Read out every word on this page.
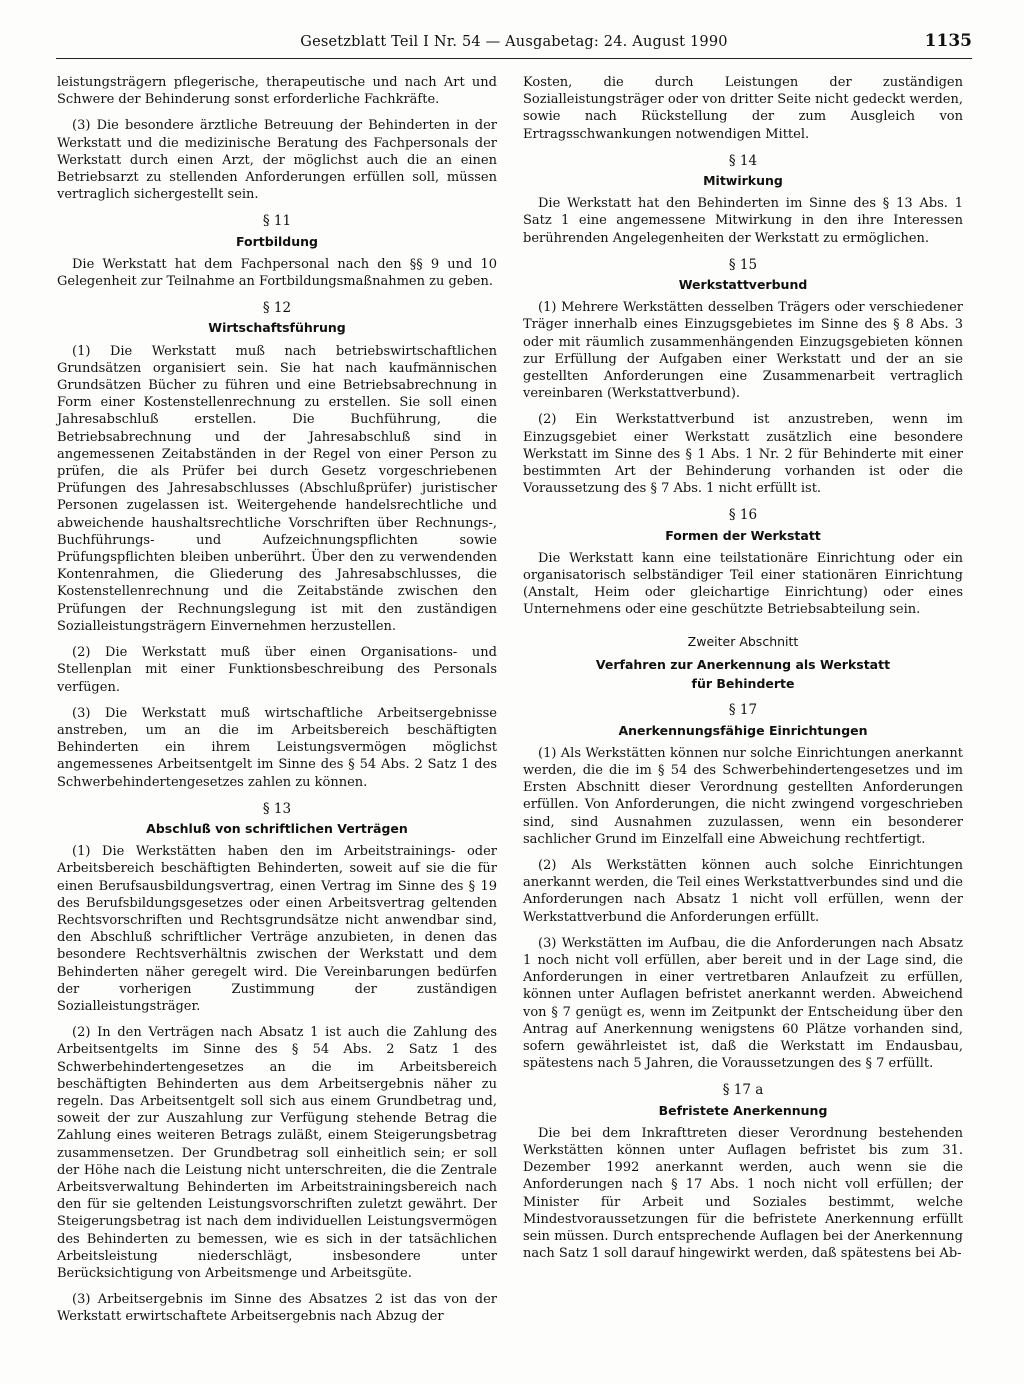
Gesetzblatt Teil I Nr. 54 — Ausgabetag: 24. August 1990	1135

leistungsträgern pflegerische, therapeutische und nach Art und Schwere der Behinderung sonst erforderliche Fachkräfte.

(3) Die besondere ärztliche Betreuung der Behinderten in der Werkstatt und die medizinische Beratung des Fachpersonals der Werkstatt durch einen Arzt, der möglichst auch die an einen Betriebsarzt zu stellenden Anforderungen erfüllen soll, müssen vertraglich sichergestellt sein.

§ 11
Fortbildung

Die Werkstatt hat dem Fachpersonal nach den §§ 9 und 10 Gelegenheit zur Teilnahme an Fortbildungsmaßnahmen zu geben.

§ 12
Wirtschaftsführung

(1) Die Werkstatt muß nach betriebswirtschaftlichen Grundsätzen organisiert sein. Sie hat nach kaufmännischen Grundsätzen Bücher zu führen und eine Betriebsabrechnung in Form einer Kostenstellenrechnung zu erstellen. Sie soll einen Jahresabschluß erstellen. Die Buchführung, die Betriebsabrechnung und der Jahresabschluß sind in angemessenen Zeitabständen in der Regel von einer Person zu prüfen, die als Prüfer bei durch Gesetz vorgeschriebenen Prüfungen des Jahresabschlusses (Abschlußprüfer) juristischer Personen zugelassen ist. Weitergehende handelsrechtliche und abweichende haushaltsrechtliche Vorschriften über Rechnungs-, Buchführungs- und Aufzeichnungspflichten sowie Prüfungspflichten bleiben unberührt. Über den zu verwendenden Kontenrahmen, die Gliederung des Jahresabschlusses, die Kostenstellenrechnung und die Zeitabstände zwischen den Prüfungen der Rechnungslegung ist mit den zuständigen Sozialleistungsträgern Einvernehmen herzustellen.

(2) Die Werkstatt muß über einen Organisations- und Stellenplan mit einer Funktionsbeschreibung des Personals verfügen.

(3) Die Werkstatt muß wirtschaftliche Arbeitsergebnisse anstreben, um an die im Arbeitsbereich beschäftigten Behinderten ein ihrem Leistungsvermögen möglichst angemessenes Arbeitsentgelt im Sinne des § 54 Abs. 2 Satz 1 des Schwerbehindertengesetzes zahlen zu können.

§ 13
Abschluß von schriftlichen Verträgen

(1) Die Werkstätten haben den im Arbeitstrainings- oder Arbeitsbereich beschäftigten Behinderten, soweit auf sie die für einen Berufsausbildungsvertrag, einen Vertrag im Sinne des § 19 des Berufsbildungsgesetzes oder einen Arbeitsvertrag geltenden Rechtsvorschriften und Rechtsgrundsätze nicht anwendbar sind, den Abschluß schriftlicher Verträge anzubieten, in denen das besondere Rechtsverhältnis zwischen der Werkstatt und dem Behinderten näher geregelt wird. Die Vereinbarungen bedürfen der vorherigen Zustimmung der zuständigen Sozialleistungsträger.

(2) In den Verträgen nach Absatz 1 ist auch die Zahlung des Arbeitsentgelts im Sinne des § 54 Abs. 2 Satz 1 des Schwerbehindertengesetzes an die im Arbeitsbereich beschäftigten Behinderten aus dem Arbeitsergebnis näher zu regeln. Das Arbeitsentgelt soll sich aus einem Grundbetrag und, soweit der zur Auszahlung zur Verfügung stehende Betrag die Zahlung eines weiteren Betrags zuläßt, einem Steigerungsbetrag zusammensetzen. Der Grundbetrag soll einheitlich sein; er soll der Höhe nach die Leistung nicht unterschreiten, die die Zentrale Arbeitsverwaltung Behinderten im Arbeitstrainingsbereich nach den für sie geltenden Leistungsvorschriften zuletzt gewährt. Der Steigerungsbetrag ist nach dem individuellen Leistungsvermögen des Behinderten zu bemessen, wie es sich in der tatsächlichen Arbeitsleistung niederschlägt, insbesondere unter Berücksichtigung von Arbeitsmenge und Arbeitsgüte.

(3) Arbeitsergebnis im Sinne des Absatzes 2 ist das von der Werkstatt erwirtschaftete Arbeitsergebnis nach Abzug der

Kosten, die durch Leistungen der zuständigen Sozialleistungsträger oder von dritter Seite nicht gedeckt werden, sowie nach Rückstellung der zum Ausgleich von Ertragsschwankungen notwendigen Mittel.

§ 14
Mitwirkung

Die Werkstatt hat den Behinderten im Sinne des § 13 Abs. 1 Satz 1 eine angemessene Mitwirkung in den ihre Interessen berührenden Angelegenheiten der Werkstatt zu ermöglichen.

§ 15
Werkstattverbund

(1) Mehrere Werkstätten desselben Trägers oder verschiedener Träger innerhalb eines Einzugsgebietes im Sinne des § 8 Abs. 3 oder mit räumlich zusammenhängenden Einzugsgebieten können zur Erfüllung der Aufgaben einer Werkstatt und der an sie gestellten Anforderungen eine Zusammenarbeit vertraglich vereinbaren (Werkstattverbund).

(2) Ein Werkstattverbund ist anzustreben, wenn im Einzugsgebiet einer Werkstatt zusätzlich eine besondere Werkstatt im Sinne des § 1 Abs. 1 Nr. 2 für Behinderte mit einer bestimmten Art der Behinderung vorhanden ist oder die Voraussetzung des § 7 Abs. 1 nicht erfüllt ist.

§ 16
Formen der Werkstatt

Die Werkstatt kann eine teilstationäre Einrichtung oder ein organisatorisch selbständiger Teil einer stationären Einrichtung (Anstalt, Heim oder gleichartige Einrichtung) oder eines Unternehmens oder eine geschützte Betriebsabteilung sein.

Zweiter Abschnitt
Verfahren zur Anerkennung als Werkstatt
für Behinderte
§ 17
Anerkennungsfähige Einrichtungen

(1) Als Werkstätten können nur solche Einrichtungen anerkannt werden, die die im § 54 des Schwerbehindertengesetzes und im Ersten Abschnitt dieser Verordnung gestellten Anforderungen erfüllen. Von Anforderungen, die nicht zwingend vorgeschrieben sind, sind Ausnahmen zuzulassen, wenn ein besonderer sachlicher Grund im Einzelfall eine Abweichung rechtfertigt.

(2) Als Werkstätten können auch solche Einrichtungen anerkannt werden, die Teil eines Werkstattverbundes sind und die Anforderungen nach Absatz 1 nicht voll erfüllen, wenn der Werkstattverbund die Anforderungen erfüllt.

(3) Werkstätten im Aufbau, die die Anforderungen nach Absatz 1 noch nicht voll erfüllen, aber bereit und in der Lage sind, die Anforderungen in einer vertretbaren Anlaufzeit zu erfüllen, können unter Auflagen befristet anerkannt werden. Abweichend von § 7 genügt es, wenn im Zeitpunkt der Entscheidung über den Antrag auf Anerkennung wenigstens 60 Plätze vorhanden sind, sofern gewährleistet ist, daß die Werkstatt im Endausbau, spätestens nach 5 Jahren, die Voraussetzungen des § 7 erfüllt.

§ 17 a
Befristete Anerkennung

Die bei dem Inkrafttreten dieser Verordnung bestehenden Werkstätten können unter Auflagen befristet bis zum 31. Dezember 1992 anerkannt werden, auch wenn sie die Anforderungen nach § 17 Abs. 1 noch nicht voll erfüllen; der Minister für Arbeit und Soziales bestimmt, welche Mindestvoraussetzungen für die befristete Anerkennung erfüllt sein müssen. Durch entsprechende Auflagen bei der Anerkennung nach Satz 1 soll darauf hingewirkt werden, daß spätestens bei Ab-
